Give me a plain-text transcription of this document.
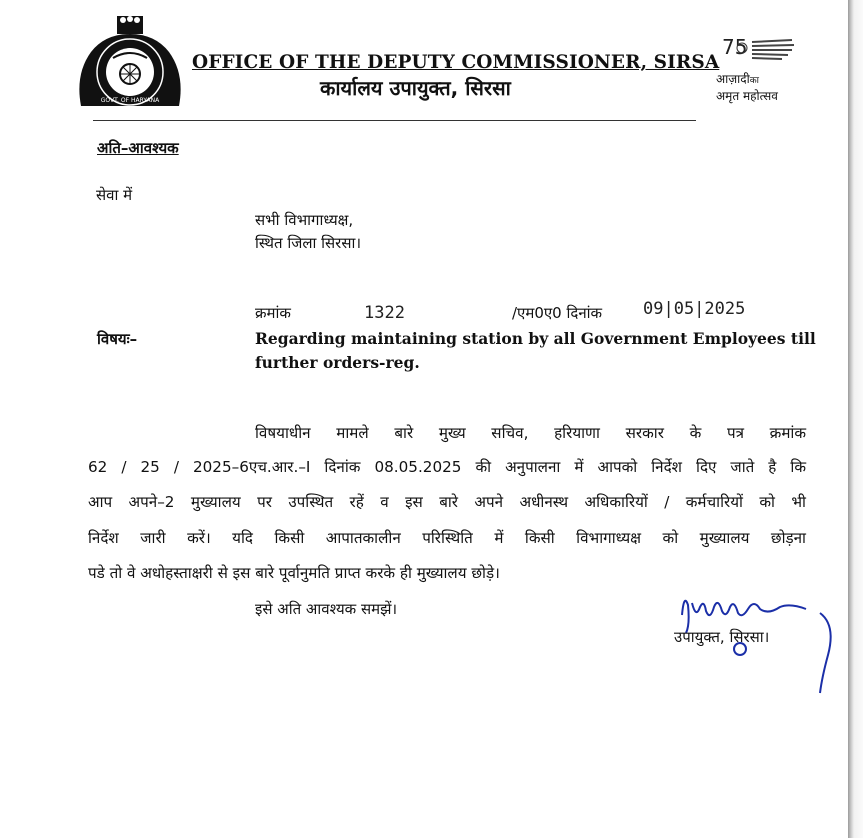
GOVT. OF HARYANA
OFFICE OF THE DEPUTY COMMISSIONER, SIRSA
कार्यालय उपायुक्त, सिरसा
75
आज़ादीका
अमृत महोत्सव
अति–आवश्यक
सेवा में
सभी विभागाध्यक्ष,
स्थित जिला सिरसा।
क्रमांक	1322	/एम0ए0 दिनांक 09|05|2025
विषयः–	Regarding maintaining station by all Government Employees till
further orders-reg.
विषयाधीन मामले बारे मुख्य सचिव, हरियाणा सरकार के पत्र क्रमांक
62 / 25 / 2025–6एच.आर.–I दिनांक 08.05.2025 की अनुपालना में आपको निर्देश दिए जाते है कि
आप अपने–2 मुख्यालय पर उपस्थित रहें व इस बारे अपने अधीनस्थ अधिकारियों / कर्मचारियों को भी
निर्देश जारी करें। यदि किसी आपातकालीन परिस्थिति में किसी विभागाध्यक्ष को मुख्यालय छोड़ना
पडे तो वे अधोहस्ताक्षरी से इस बारे पूर्वानुमति प्राप्त करके ही मुख्यालय छोड़े।
इसे अति आवश्यक समझें।
उपायुक्त, सिरसा।
